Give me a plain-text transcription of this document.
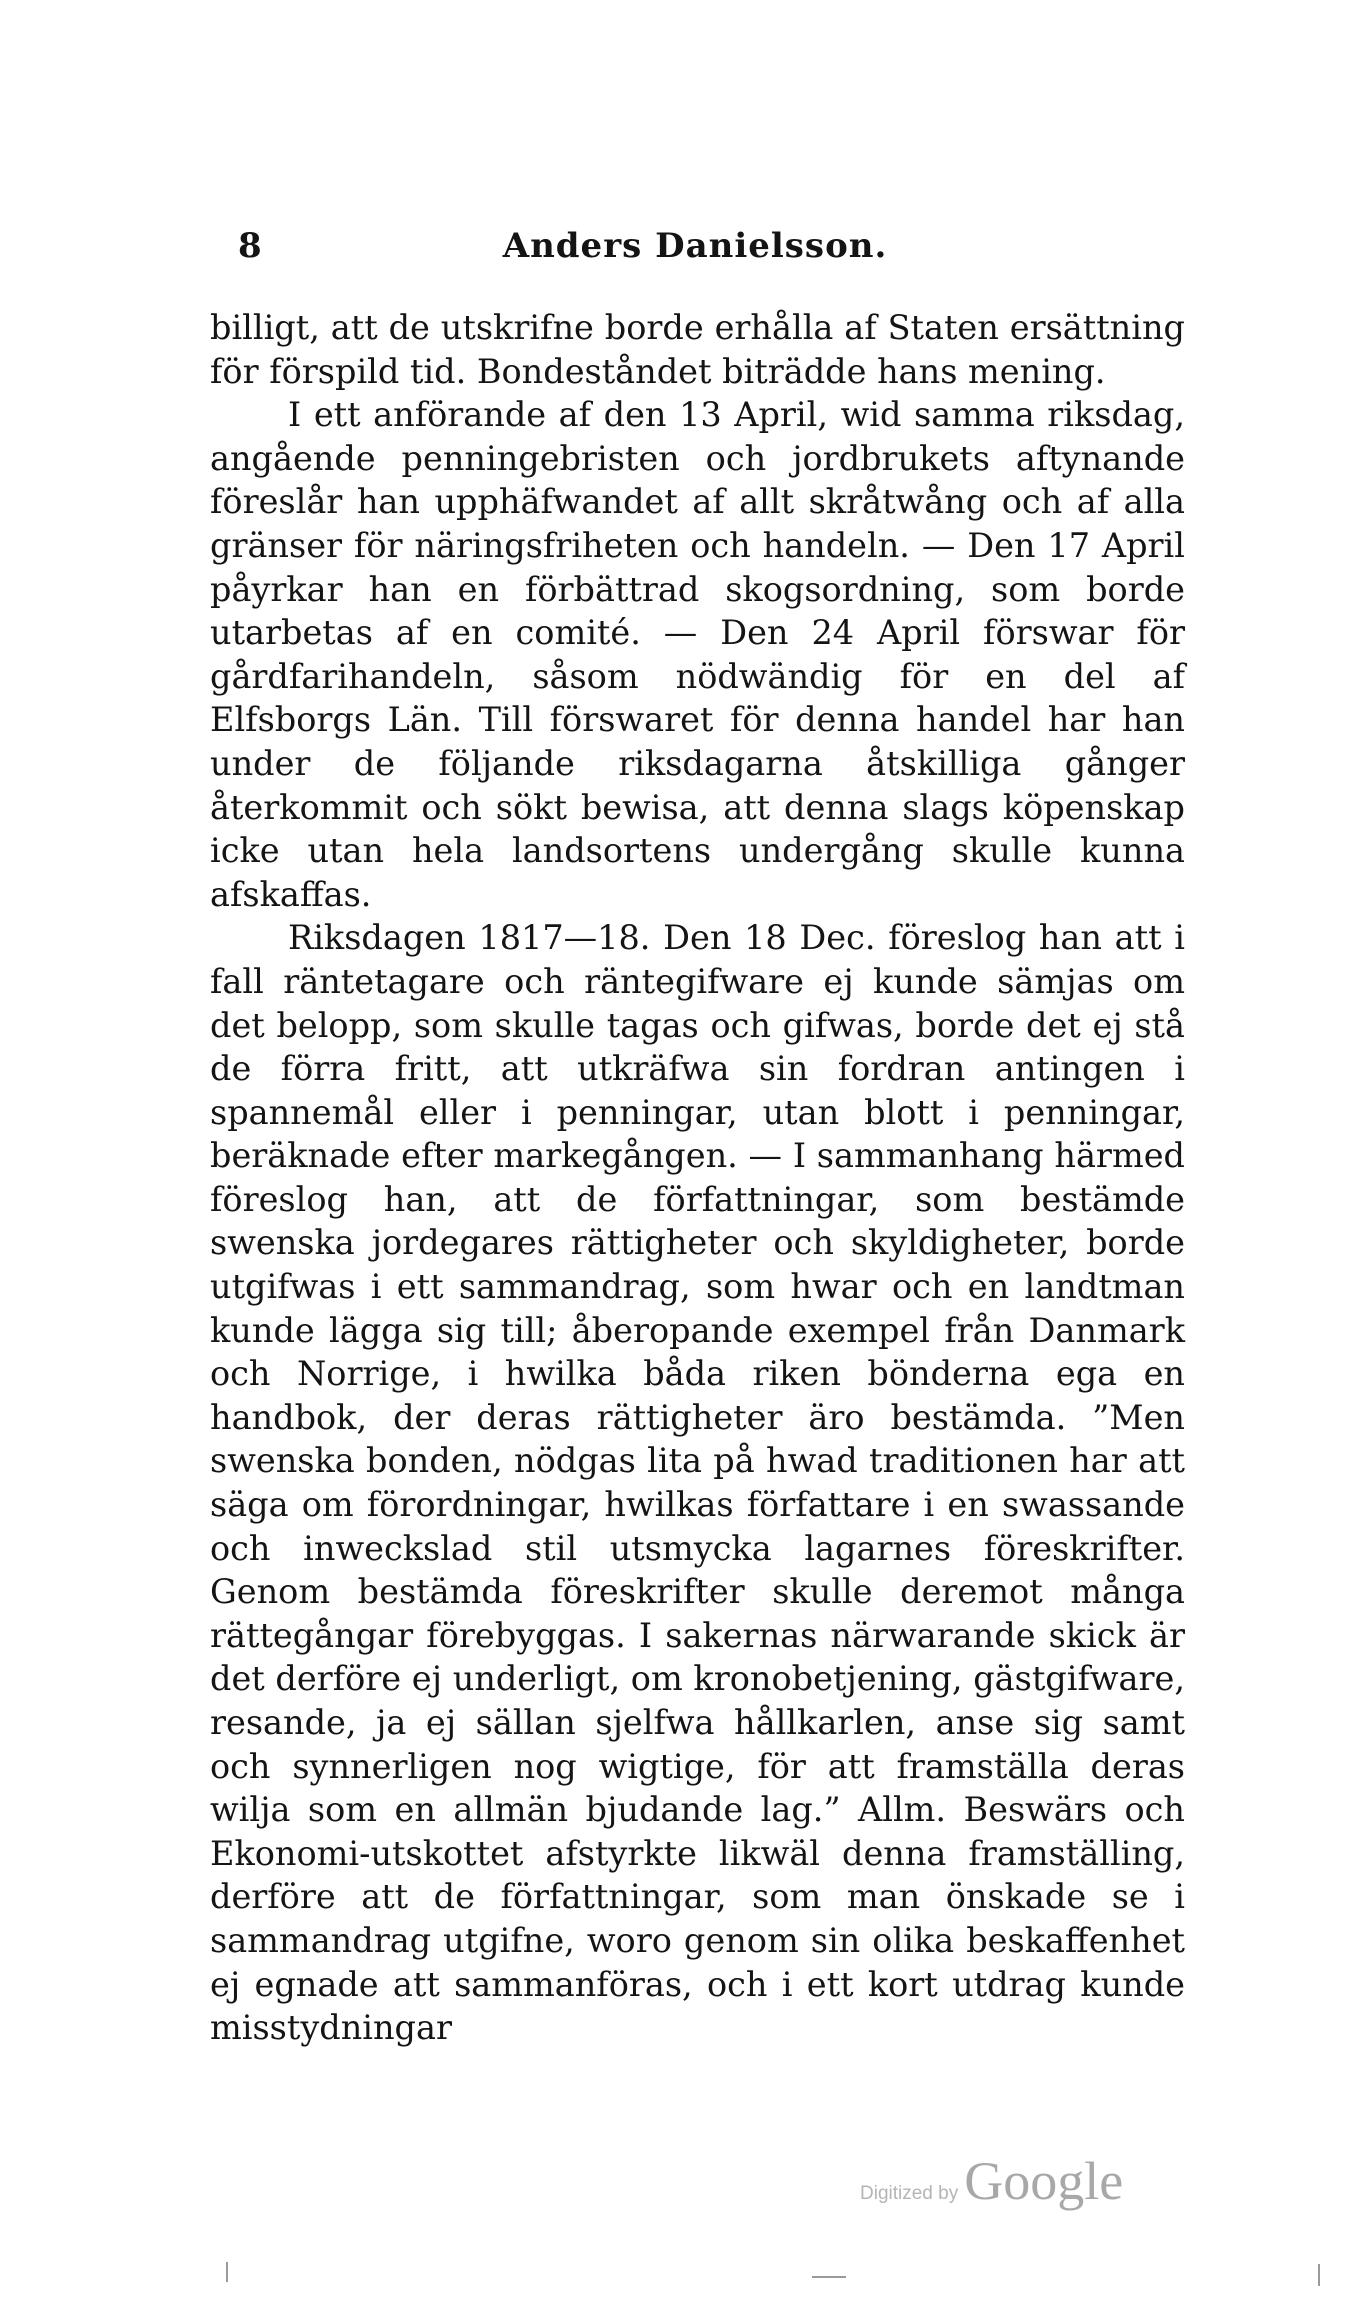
8	Anders Danielsson.

billigt, att de utskrifne borde erhålla af Staten ersättning för förspild tid. Bondeståndet biträdde hans mening.

I ett anförande af den 13 April, wid samma riksdag, angående penningebristen och jordbrukets aftynande föreslår han upphäfwandet af allt skråtwång och af alla gränser för näringsfriheten och handeln. — Den 17 April påyrkar han en förbättrad skogsordning, som borde utarbetas af en comité. — Den 24 April förswar för gårdfarihandeln, såsom nödwändig för en del af Elfsborgs Län. Till förswaret för denna handel har han under de följande riksdagarna åtskilliga gånger återkommit och sökt bewisa, att denna slags köpenskap icke utan hela landsortens undergång skulle kunna afskaffas.

Riksdagen 1817—18. Den 18 Dec. föreslog han att i fall räntetagare och räntegifware ej kunde sämjas om det belopp, som skulle tagas och gifwas, borde det ej stå de förra fritt, att utkräfwa sin fordran antingen i spannemål eller i penningar, utan blott i penningar, beräknade efter markegången. — I sammanhang härmed föreslog han, att de författningar, som bestämde swenska jordegares rättigheter och skyldigheter, borde utgifwas i ett sammandrag, som hwar och en landtman kunde lägga sig till; åberopande exempel från Danmark och Norrige, i hwilka båda riken bönderna ega en handbok, der deras rättigheter äro bestämda. ”Men swenska bonden, nödgas lita på hwad traditionen har att säga om förordningar, hwilkas författare i en swassande och inweckslad stil utsmycka lagarnes föreskrifter. Genom bestämda föreskrifter skulle deremot många rättegångar förebyggas. I sakernas närwarande skick är det derföre ej underligt, om kronobetjening, gästgifware, resande, ja ej sällan sjelfwa hållkarlen, anse sig samt och synnerligen nog wigtige, för att framställa deras wilja som en allmän bjudande lag.” Allm. Beswärs och Ekonomi-utskottet afstyrkte likwäl denna framställing, derföre att de författningar, som man önskade se i sammandrag utgifne, woro genom sin olika beskaffenhet ej egnade att sammanföras, och i ett kort utdrag kunde misstydningar

Digitized by Google
